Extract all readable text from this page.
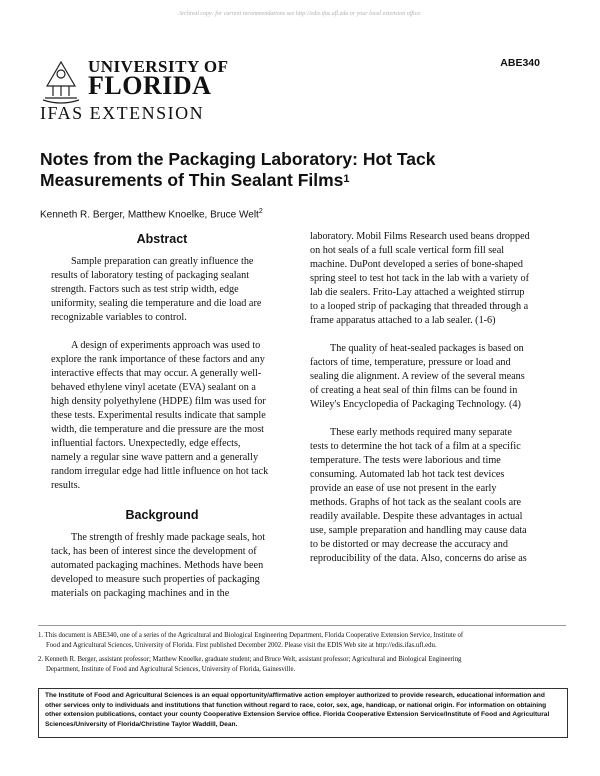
Archival copy: for current recommendations see http://edis.ifas.ufl.edu or your local extension office.
ABE340
UNIVERSITY OF
FLORIDA
IFAS EXTENSION
Notes from the Packaging Laboratory: Hot Tack
Measurements of Thin Sealant Films$^1$
Kenneth R. Berger, Matthew Knoelke, Bruce Welt$^2$
Abstract

Sample preparation can greatly influence the results of laboratory testing of packaging sealant strength. Factors such as test strip width, edge uniformity, sealing die temperature and die load are recognizable variables to control.

A design of experiments approach was used to explore the rank importance of these factors and any interactive effects that may occur. A generally well-behaved ethylene vinyl acetate (EVA) sealant on a high density polyethylene (HDPE) film was used for these tests. Experimental results indicate that sample width, die temperature and die pressure are the most influential factors. Unexpectedly, edge effects, namely a regular sine wave pattern and a generally random irregular edge had little influence on hot tack results.

Background

The strength of freshly made package seals, hot tack, has been of interest since the development of automated packaging machines. Methods have been developed to measure such properties of packaging materials on packaging machines and in the

laboratory. Mobil Films Research used beans dropped on hot seals of a full scale vertical form fill seal machine. DuPont developed a series of bone-shaped spring steel to test hot tack in the lab with a variety of lab die sealers. Frito-Lay attached a weighted stirrup to a looped strip of packaging that threaded through a frame apparatus attached to a lab sealer. (1-6)

The quality of heat-sealed packages is based on factors of time, temperature, pressure or load and sealing die alignment. A review of the several means of creating a heat seal of thin films can be found in Wiley's Encyclopedia of Packaging Technology. (4)

These early methods required many separate tests to determine the hot tack of a film at a specific temperature. The tests were laborious and time consuming. Automated lab hot tack test devices provide an ease of use not present in the early methods. Graphs of hot tack as the sealant cools are readily available. Despite these advantages in actual use, sample preparation and handling may cause data to be distorted or may decrease the accuracy and reproducibility of the data. Also, concerns do arise as

1. This document is ABE340, one of a series of the Agricultural and Biological Engineering Department, Florida Cooperative Extension Service, Institute of
Food and Agricultural Sciences, University of Florida. First published December 2002. Please visit the EDIS Web site at http://edis.ifas.ufl.edu.
2. Kenneth R. Berger, assistant professor; Matthew Knoelke, graduate student; and Bruce Welt, assistant professor; Agricultural and Biological Engineering
Department, Institute of Food and Agricultural Sciences, University of Florida, Gainesville.
The Institute of Food and Agricultural Sciences is an equal opportunity/affirmative action employer authorized to provide research, educational information and other services only to individuals and institutions that function without regard to race, color, sex, age, handicap, or national origin. For information on obtaining other extension publications, contact your county Cooperative Extension Service office. Florida Cooperative Extension Service/Institute of Food and Agricultural Sciences/University of Florida/Christine Taylor Waddill, Dean.
